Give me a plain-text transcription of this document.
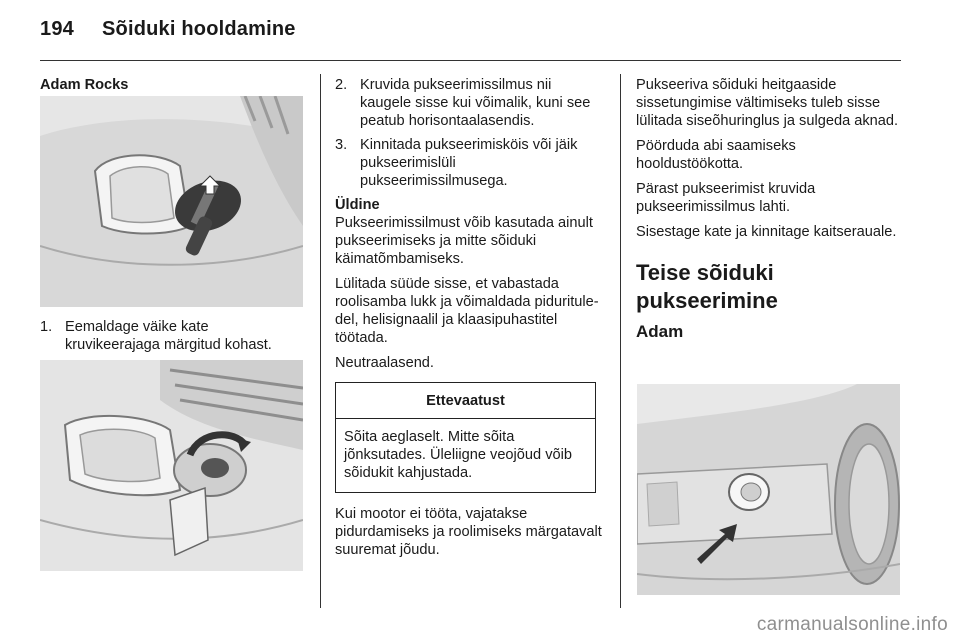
194 Sõiduki hooldamine
Adam Rocks
1. Eemaldage väike kate kruvikeerajaga märgitud kohast.
2. Kruvida pukseerimissilmus nii kaugele sisse kui võimalik, kuni see peatub horisontaalasendis.
3. Kinnitada pukseerimisköis või jäik pukseerimislüli pukseerimissilmusega.
Üldine

Pukseerimissilmust võib kasutada ainult pukseerimiseks ja mitte sõiduki käimatõmbamiseks.

Lülitada süüde sisse, et vabastada roolisamba lukk ja võimaldada pidurituledel, helisignaalil ja klaasipuhastitel töötada.

Neutraalasend.

Ettevaatust
Sõita aeglaselt. Mitte sõita jõnksutades. Üleliigne veojõud võib sõidukit kahjustada.

Kui mootor ei tööta, vajatakse pidurdamiseks ja roolimiseks märgatavalt suuremat jõudu.

Pukseeriva sõiduki heitgaaside sissetungimise vältimiseks tuleb sisse lülitada siseõhuringlus ja sulgeda aknad.

Pöörduda abi saamiseks hooldustöökotta.

Pärast pukseerimist kruvida pukseerimissilmus lahti.

Sisestage kate ja kinnitage kaitserauale.

Teise sõiduki pukseerimine
Adam
carmanualsonline.info
